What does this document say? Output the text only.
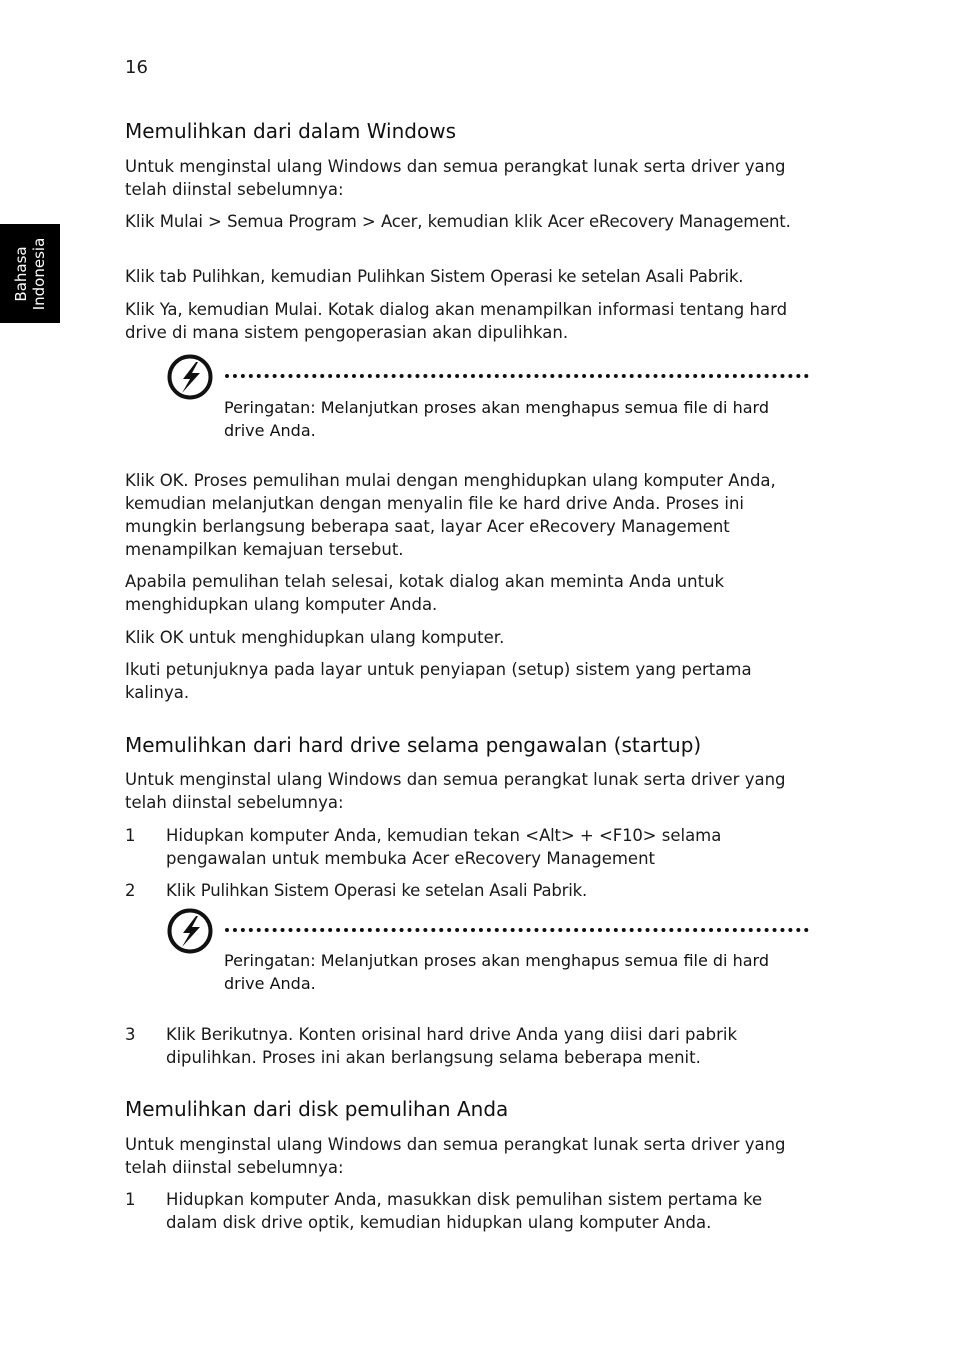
16
Bahasa Indonesia
Memulihkan dari dalam Windows
Untuk menginstal ulang Windows dan semua perangkat lunak serta driver yang telah diinstal sebelumnya:
Klik Mulai > Semua Program > Acer, kemudian klik Acer eRecovery Management.
Klik tab Pulihkan, kemudian Pulihkan Sistem Operasi ke setelan Asali Pabrik.
Klik Ya, kemudian Mulai. Kotak dialog akan menampilkan informasi tentang hard drive di mana sistem pengoperasian akan dipulihkan.
Peringatan: Melanjutkan proses akan menghapus semua file di hard drive Anda.
Klik OK. Proses pemulihan mulai dengan menghidupkan ulang komputer Anda, kemudian melanjutkan dengan menyalin file ke hard drive Anda. Proses ini mungkin berlangsung beberapa saat, layar Acer eRecovery Management menampilkan kemajuan tersebut.
Apabila pemulihan telah selesai, kotak dialog akan meminta Anda untuk menghidupkan ulang komputer Anda.
Klik OK untuk menghidupkan ulang komputer.
Ikuti petunjuknya pada layar untuk penyiapan (setup) sistem yang pertama kalinya.
Memulihkan dari hard drive selama pengawalan (startup)
Untuk menginstal ulang Windows dan semua perangkat lunak serta driver yang telah diinstal sebelumnya:
1	Hidupkan komputer Anda, kemudian tekan <Alt> + <F10> selama pengawalan untuk membuka Acer eRecovery Management
2	Klik Pulihkan Sistem Operasi ke setelan Asali Pabrik.
Peringatan: Melanjutkan proses akan menghapus semua file di hard drive Anda.
3	Klik Berikutnya. Konten orisinal hard drive Anda yang diisi dari pabrik dipulihkan. Proses ini akan berlangsung selama beberapa menit.
Memulihkan dari disk pemulihan Anda
Untuk menginstal ulang Windows dan semua perangkat lunak serta driver yang telah diinstal sebelumnya:
1	Hidupkan komputer Anda, masukkan disk pemulihan sistem pertama ke dalam disk drive optik, kemudian hidupkan ulang komputer Anda.
